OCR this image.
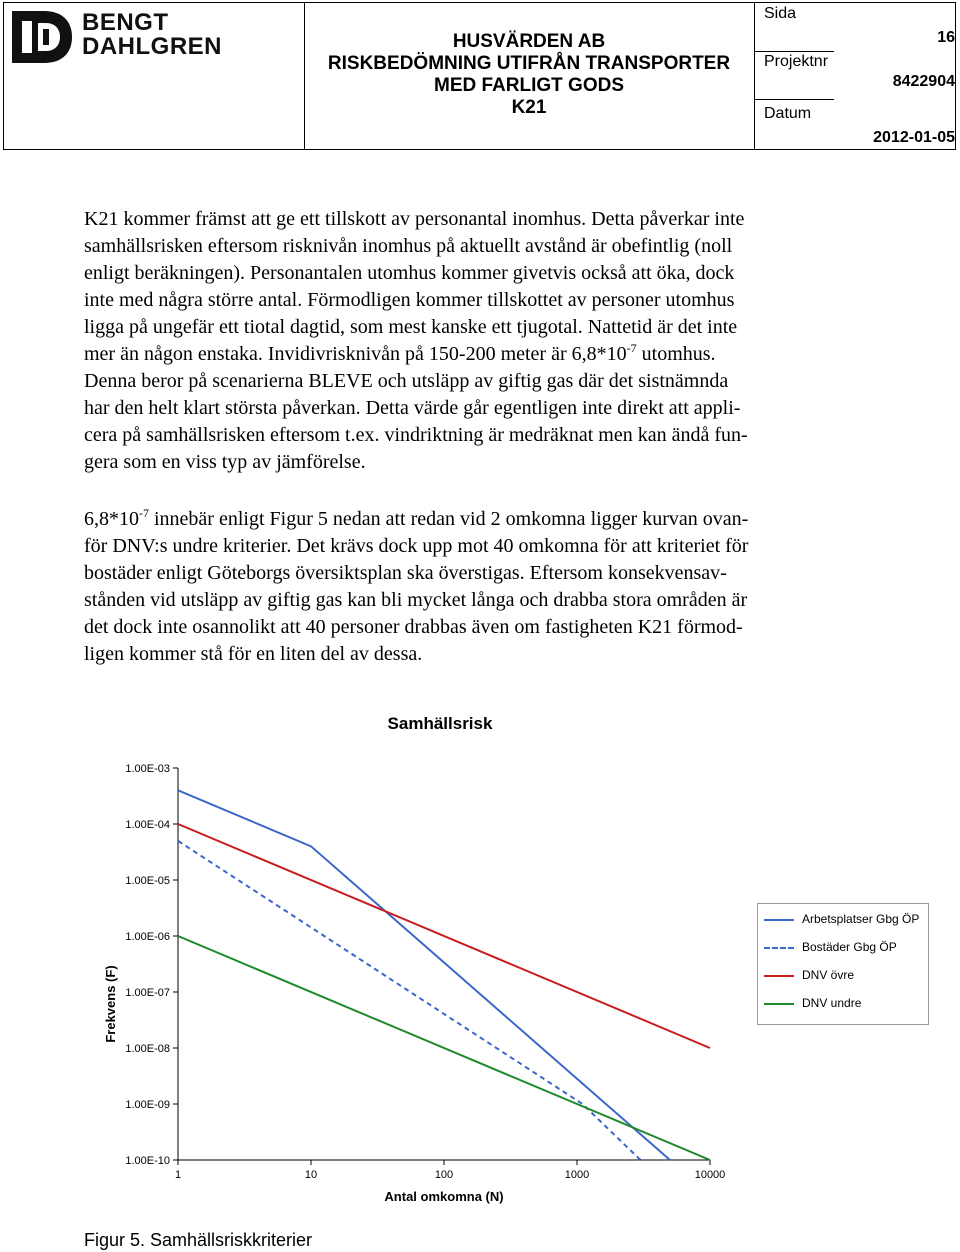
BENGT
DAHLGREN	HUSVÄRDEN AB
RISKBEDÖMNING UTIFRÅN TRANSPORTER
MED FARLIGT GODS
K21
Sida
16
Projektnr
8422904
Datum
2012-01-05
K21 kommer främst att ge ett tillskott av personantal inomhus. Detta påverkar inte
samhällsrisken eftersom risknivån inomhus på aktuellt avstånd är obefintlig (noll
enligt beräkningen). Personantalen utomhus kommer givetvis också att öka, dock
inte med några större antal. Förmodligen kommer tillskottet av personer utomhus
ligga på ungefär ett tiotal dagtid, som mest kanske ett tjugotal. Nattetid är det inte
mer än någon enstaka. Invidivrisknivån på 150-200 meter är $6,8*10^{-7}$ utomhus.
Denna beror på scenarierna BLEVE och utsläpp av giftig gas där det sistnämnda
har den helt klart största påverkan. Detta värde går egentligen inte direkt att appli-
cera på samhällsrisken eftersom t.ex. vindriktning är medräknat men kan ändå fun-
gera som en viss typ av jämförelse.
$6,8*10^{-7}$ innebär enligt Figur 5 nedan att redan vid 2 omkomna ligger kurvan ovan-
för DNV:s undre kriterier. Det krävs dock upp mot 40 omkomna för att kriteriet för
bostäder enligt Göteborgs översiktsplan ska överstigas. Eftersom konsekvensav-
stånden vid utsläpp av giftig gas kan bli mycket långa och drabba stora områden är
det dock inte osannolikt att 40 personer drabbas även om fastigheten K21 förmod-
ligen kommer stå för en liten del av dessa.
Samhällsrisk
1.00E-03
1.00E-04
1.00E-05
1.00E-06
1.00E-07
1.00E-08
1.00E-09
1.00E-10
1	10	100	1000	10000
Antal omkomna (N)
Frekvens (F)
Arbetsplatser Gbg ÖP
Bostäder Gbg ÖP
DNV övre
DNV undre
Figur 5. Samhällsriskkriterier
